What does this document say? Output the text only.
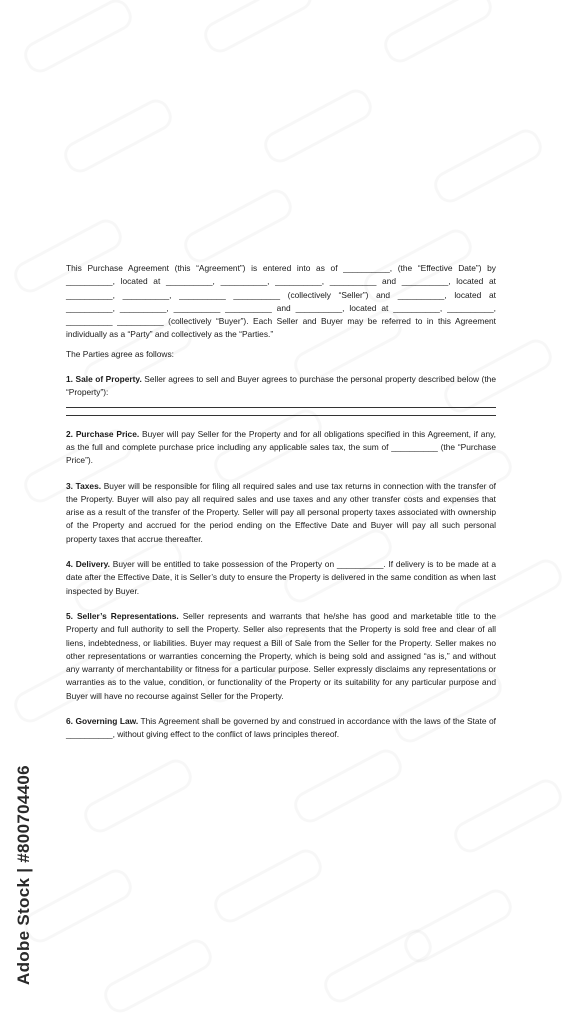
This Purchase Agreement (this “Agreement”) is entered into as of __________, (the “Effective Date”) by __________, located at __________, __________, __________, __________ and __________, located at __________, __________, __________ __________ (collectively “Seller”) and __________, located at __________, __________, __________ __________ and __________, located at __________, __________, __________ __________ (collectively “Buyer”). Each Seller and Buyer may be referred to in this Agreement individually as a “Party” and collectively as the “Parties.”

The Parties agree as follows:

1. Sale of Property. Seller agrees to sell and Buyer agrees to purchase the personal property described below (the “Property”):

2. Purchase Price. Buyer will pay Seller for the Property and for all obligations specified in this Agreement, if any, as the full and complete purchase price including any applicable sales tax, the sum of __________ (the “Purchase Price”).

3. Taxes. Buyer will be responsible for filing all required sales and use tax returns in connection with the transfer of the Property. Buyer will also pay all required sales and use taxes and any other transfer costs and expenses that arise as a result of the transfer of the Property. Seller will pay all personal property taxes associated with ownership of the Property and accrued for the period ending on the Effective Date and Buyer will pay all such personal property taxes that accrue thereafter.

4. Delivery. Buyer will be entitled to take possession of the Property on __________. If delivery is to be made at a date after the Effective Date, it is Seller’s duty to ensure the Property is delivered in the same condition as when last inspected by Buyer.

5. Seller’s Representations. Seller represents and warrants that he/she has good and marketable title to the Property and full authority to sell the Property. Seller also represents that the Property is sold free and clear of all liens, indebtedness, or liabilities. Buyer may request a Bill of Sale from the Seller for the Property. Seller makes no other representations or warranties concerning the Property, which is being sold and assigned “as is,” and without any warranty of merchantability or fitness for a particular purpose. Seller expressly disclaims any representations or warranties as to the value, condition, or functionality of the Property or its suitability for any particular purpose and Buyer will have no recourse against Seller for the Property.

6. Governing Law. This Agreement shall be governed by and construed in accordance with the laws of the State of __________, without giving effect to the conflict of laws principles thereof.

Adobe Stock | #800704406
